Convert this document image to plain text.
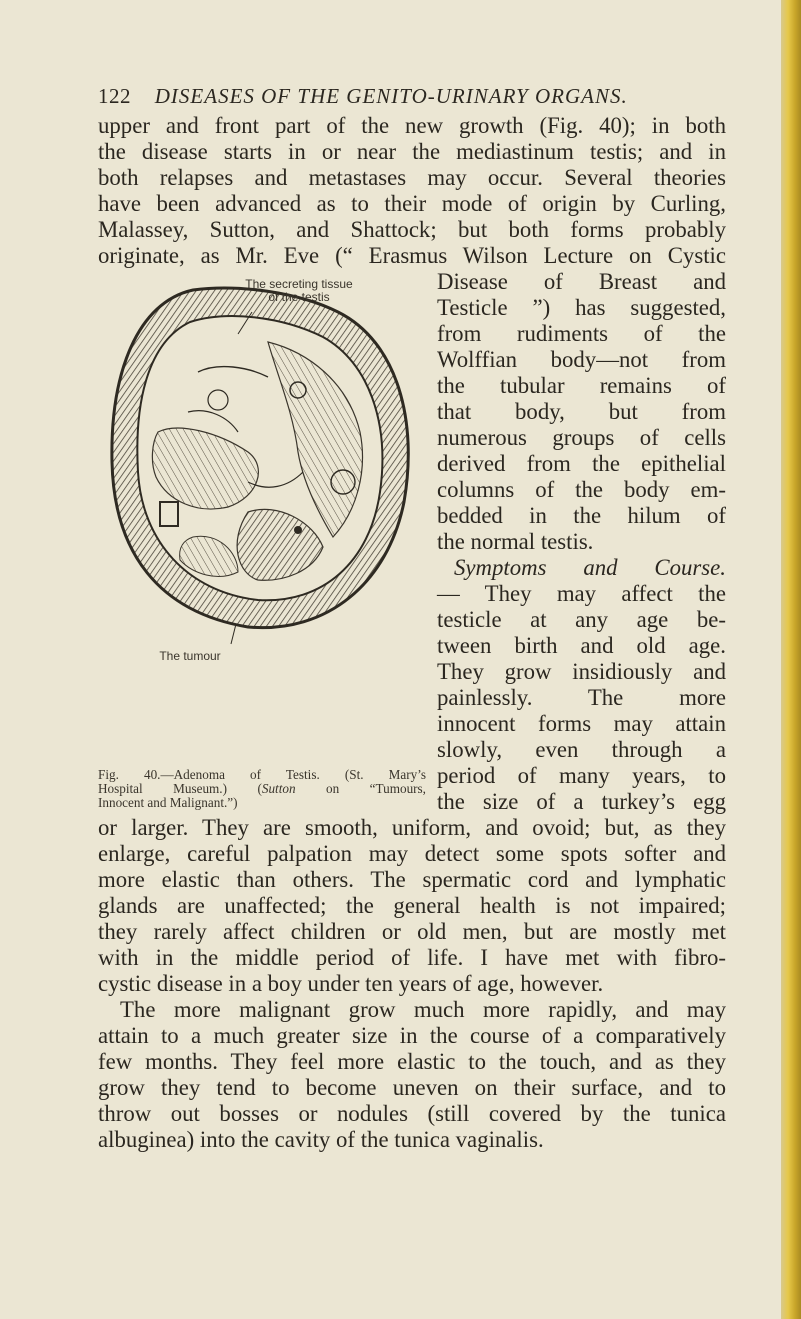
122 DISEASES OF THE GENITO-URINARY ORGANS.
upper and front part of the new growth (Fig. 40); in both
the disease starts in or near the mediastinum testis; and in
both relapses and metastases may occur. Several theories
have been advanced as to their mode of origin by Curling,
Malassey, Sutton, and Shattock; but both forms probably
originate, as Mr. Eve (“ Erasmus Wilson Lecture on Cystic
Disease of Breast and
Testicle ”) has suggested,
from rudiments of the
Wolffian body—not from
the tubular remains of
that body, but from
numerous groups of cells
derived from the epithelial
columns of the body em-
bedded in the hilum of
the normal testis.
Symptoms and Course.
— They may affect the
testicle at any age be-
tween birth and old age.
They grow insidiously and
painlessly. The more
innocent forms may attain
slowly, even through a
period of many years, to
the size of a turkey’s egg
The secreting tissue
of the testis
The tumour
Fig. 40.—Adenoma of Testis. (St. Mary’s
Hospital Museum.) (Sutton on “Tumours,
Innocent and Malignant.”)
or larger. They are smooth, uniform, and ovoid; but, as they
enlarge, careful palpation may detect some spots softer and
more elastic than others. The spermatic cord and lymphatic
glands are unaffected; the general health is not impaired;
they rarely affect children or old men, but are mostly met
with in the middle period of life. I have met with fibro-
cystic disease in a boy under ten years of age, however.
The more malignant grow much more rapidly, and may
attain to a much greater size in the course of a comparatively
few months. They feel more elastic to the touch, and as they
grow they tend to become uneven on their surface, and to
throw out bosses or nodules (still covered by the tunica
albuginea) into the cavity of the tunica vaginalis.
